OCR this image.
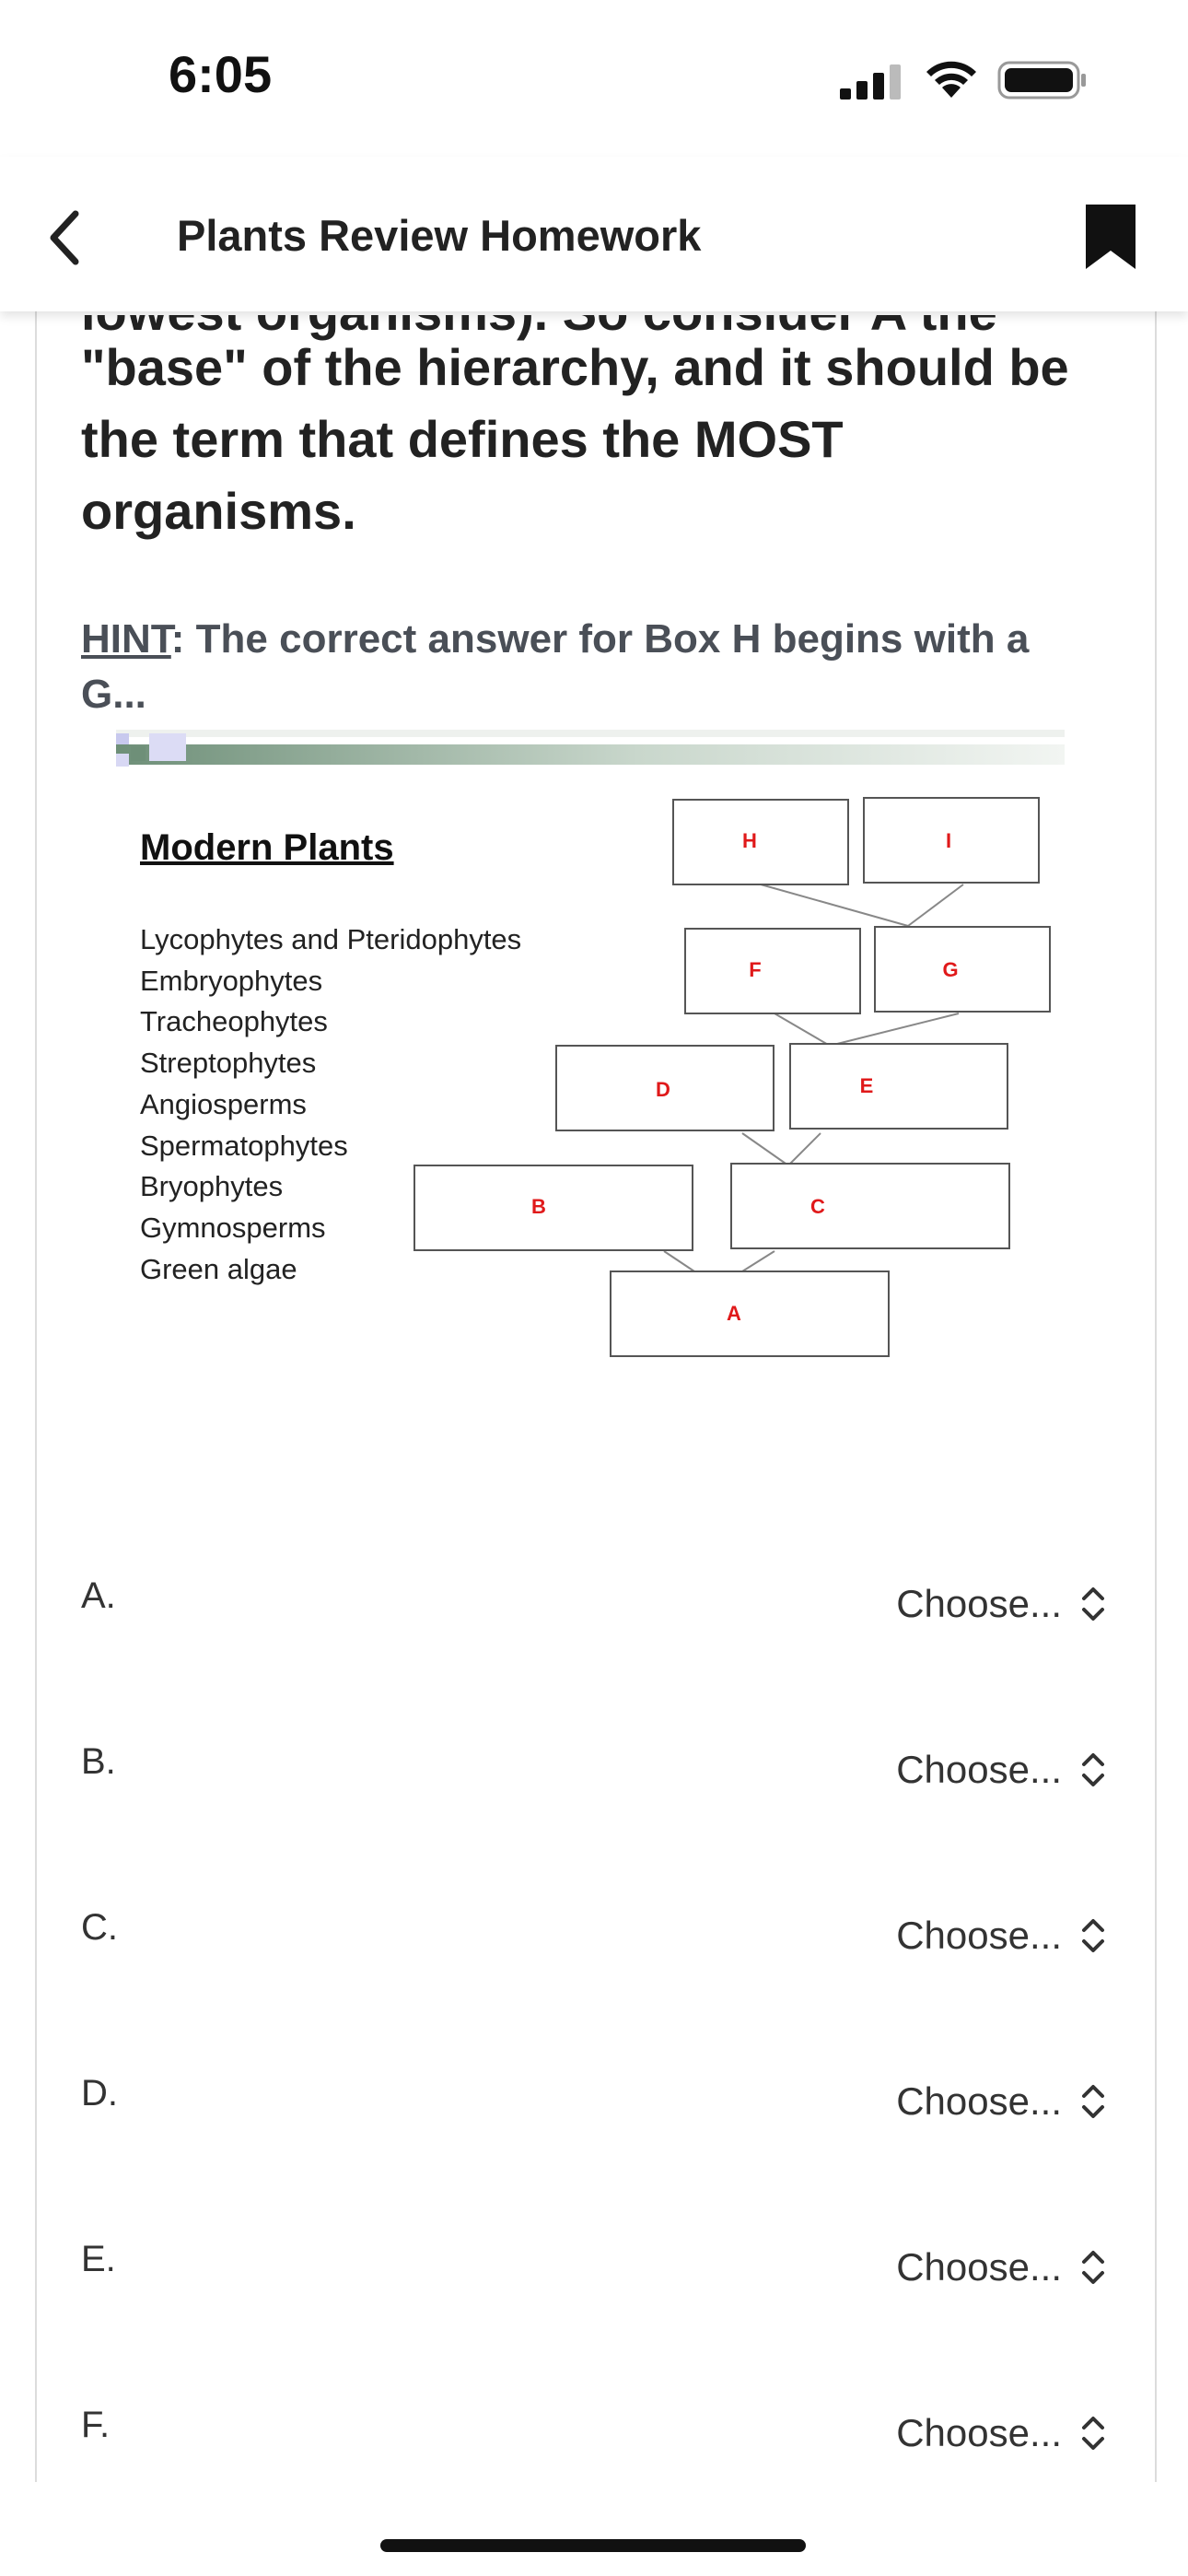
6:05
Plants Review Homework
"base" of the hierarchy, and it should be the term that defines the MOST organisms.
HINT: The correct answer for Box H begins with a G...
Modern Plants
Lycophytes and Pteridophytes
Embryophytes
Tracheophytes
Streptophytes
Angiosperms
Spermatophytes
Bryophytes
Gymnosperms
Green algae
H	I
F	G
D	E
B	C
A
A.	Choose...
B.	Choose...
C.	Choose...
D.	Choose...
E.	Choose...
F.	Choose...
